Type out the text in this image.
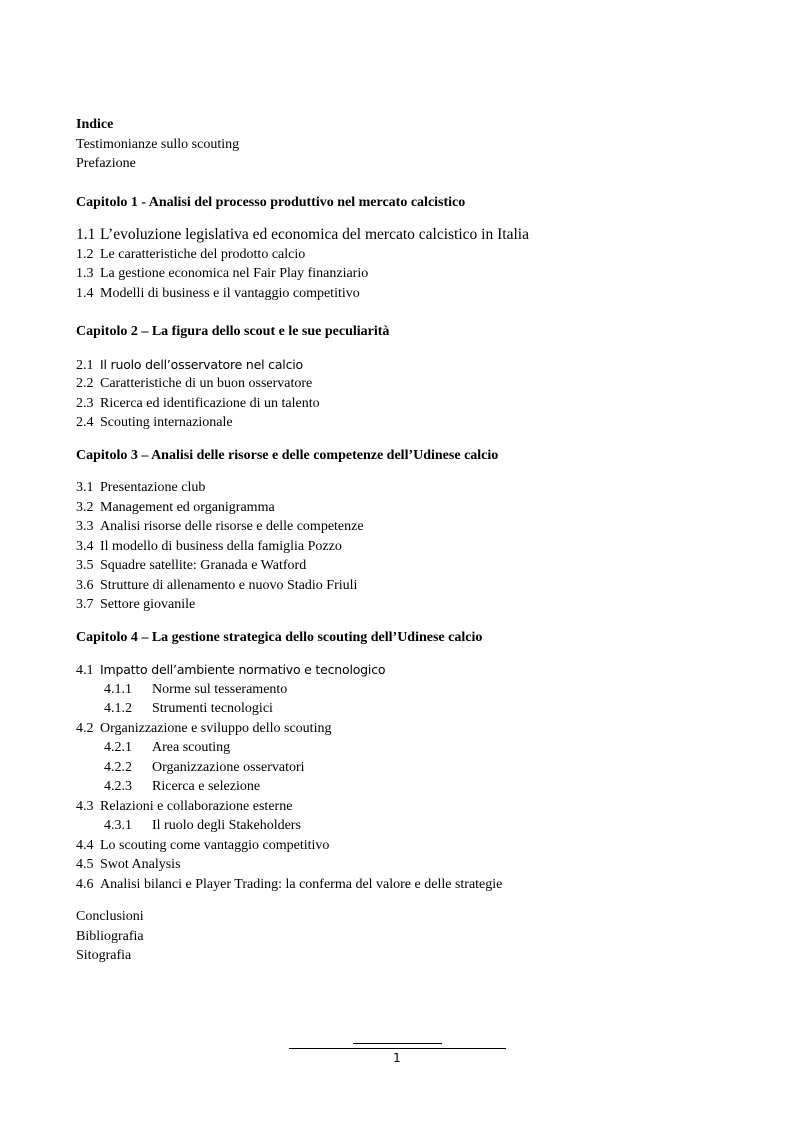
Indice
Testimonianze sullo scouting
Prefazione
Capitolo 1 - Analisi del processo produttivo nel mercato calcistico
1.1 L’evoluzione legislativa ed economica del mercato calcistico in Italia
1.2 Le caratteristiche del prodotto calcio
1.3 La gestione economica nel Fair Play finanziario
1.4 Modelli di business e il vantaggio competitivo
Capitolo 2 – La figura dello scout e le sue peculiarità
2.1 Il ruolo dell’osservatore nel calcio
2.2 Caratteristiche di un buon osservatore
2.3 Ricerca ed identificazione di un talento
2.4 Scouting internazionale
Capitolo 3 – Analisi delle risorse e delle competenze dell’Udinese calcio
3.1 Presentazione club
3.2 Management ed organigramma
3.3 Analisi risorse delle risorse e delle competenze
3.4 Il modello di business della famiglia Pozzo
3.5 Squadre satellite: Granada e Watford
3.6 Strutture di allenamento e nuovo Stadio Friuli
3.7 Settore giovanile
Capitolo 4 – La gestione strategica dello scouting dell’Udinese calcio
4.1 Impatto dell’ambiente normativo e tecnologico
4.1.1 Norme sul tesseramento
4.1.2 Strumenti tecnologici
4.2 Organizzazione e sviluppo dello scouting
4.2.1 Area scouting
4.2.2 Organizzazione osservatori
4.2.3 Ricerca e selezione
4.3 Relazioni e collaborazione esterne
4.3.1 Il ruolo degli Stakeholders
4.4 Lo scouting come vantaggio competitivo
4.5 Swot Analysis
4.6 Analisi bilanci e Player Trading: la conferma del valore e delle strategie
Conclusioni
Bibliografia
Sitografia
1
